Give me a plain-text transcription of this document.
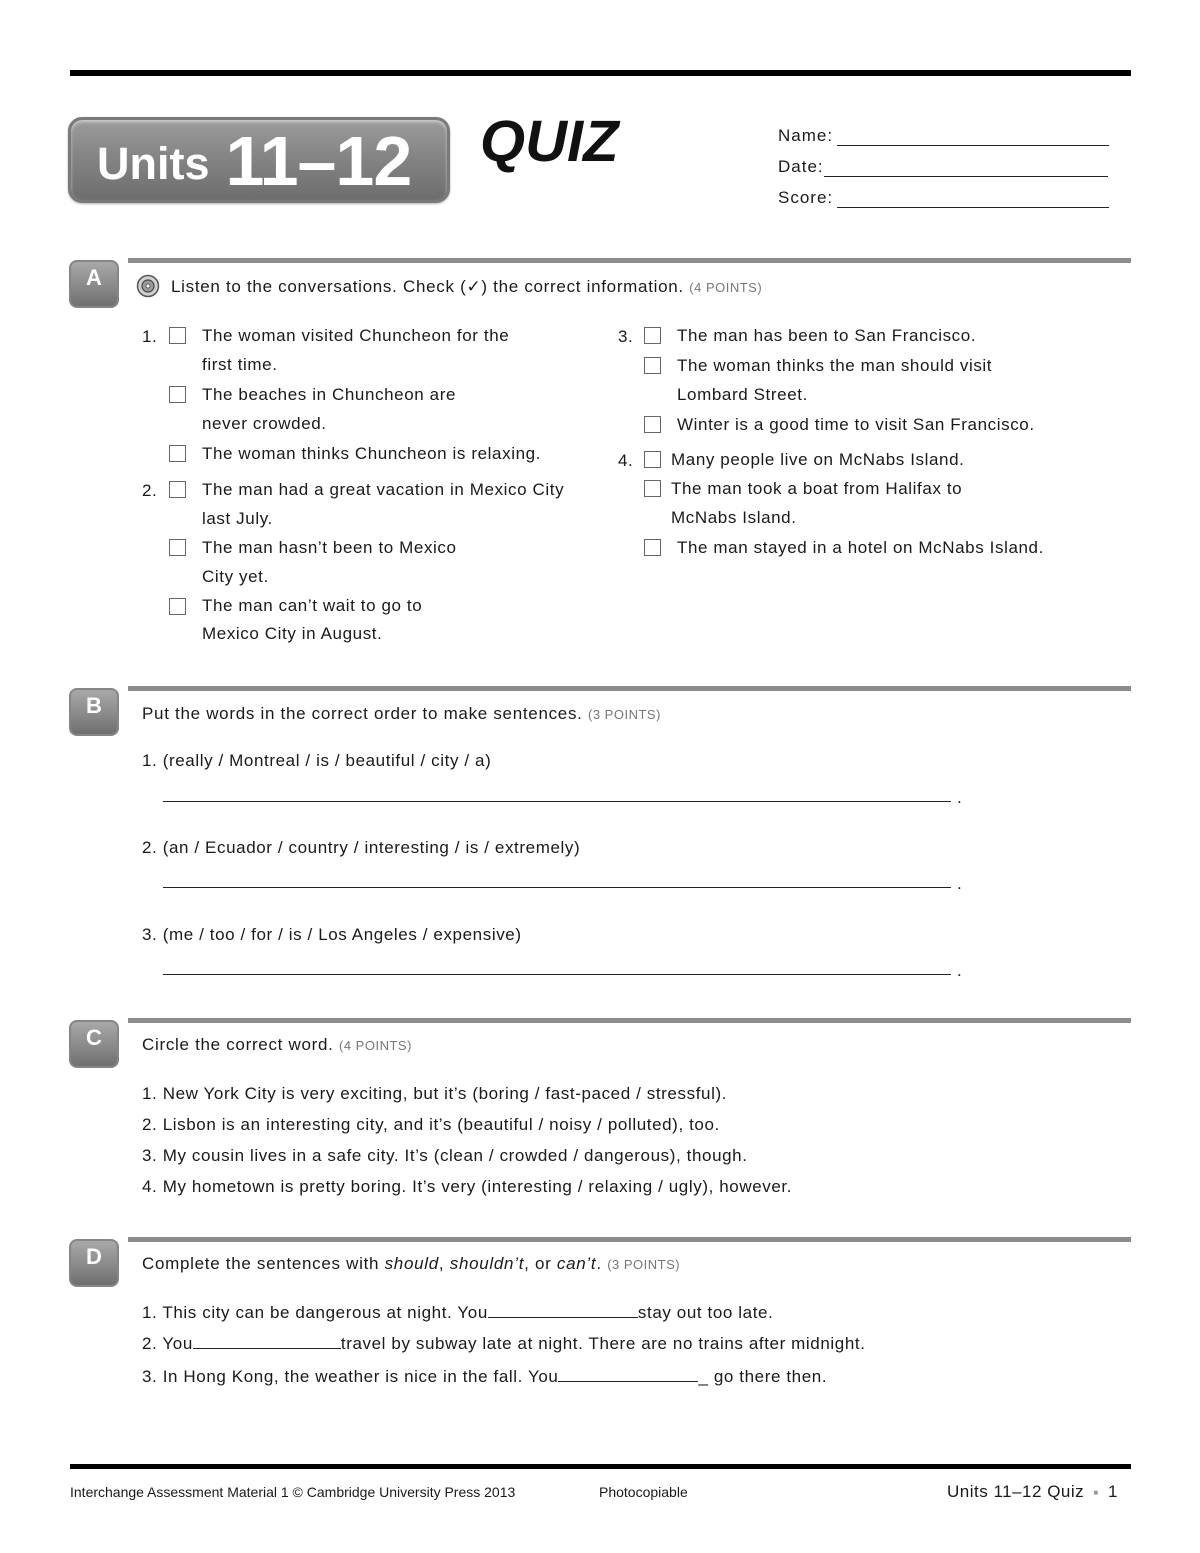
Units 11–12 QUIZ	Name:
Date:
Score:
A	Listen to the conversations. Check (✓) the correct information. (4 POINTS)
1.	The woman visited Chuncheon for the
first time.
The beaches in Chuncheon are
never crowded.
The woman thinks Chuncheon is relaxing.
2.	The man had a great vacation in Mexico City
last July.
The man hasn’t been to Mexico
City yet.
The man can’t wait to go to
Mexico City in August.
3.	The man has been to San Francisco.
The woman thinks the man should visit
Lombard Street.
Winter is a good time to visit San Francisco.
4. Many people live on McNabs Island.
The man took a boat from Halifax to
McNabs Island.
The man stayed in a hotel on McNabs Island.
B	Put the words in the correct order to make sentences. (3 POINTS)
1. (really / Montreal / is / beautiful / city / a)
.
2. (an / Ecuador / country / interesting / is / extremely)
.
3. (me / too / for / is / Los Angeles / expensive)
.
C	Circle the correct word. (4 POINTS)
1. New York City is very exciting, but it’s (boring / fast-paced / stressful).
2. Lisbon is an interesting city, and it’s (beautiful / noisy / polluted), too.
3. My cousin lives in a safe city. It’s (clean / crowded / dangerous), though.
4. My hometown is pretty boring. It’s very (interesting / relaxing / ugly), however.
D	Complete the sentences with should, shouldn’t, or can’t. (3 POINTS)
1. This city can be dangerous at night. You	stay out too late.
2. You	travel by subway late at night. There are no trains after midnight.
3. In Hong Kong, the weather is nice in the fall. You	_ go there then.
Interchange Assessment Material 1 © Cambridge University Press 2013	Photocopiable	Units 11–12 Quiz ■ 1
